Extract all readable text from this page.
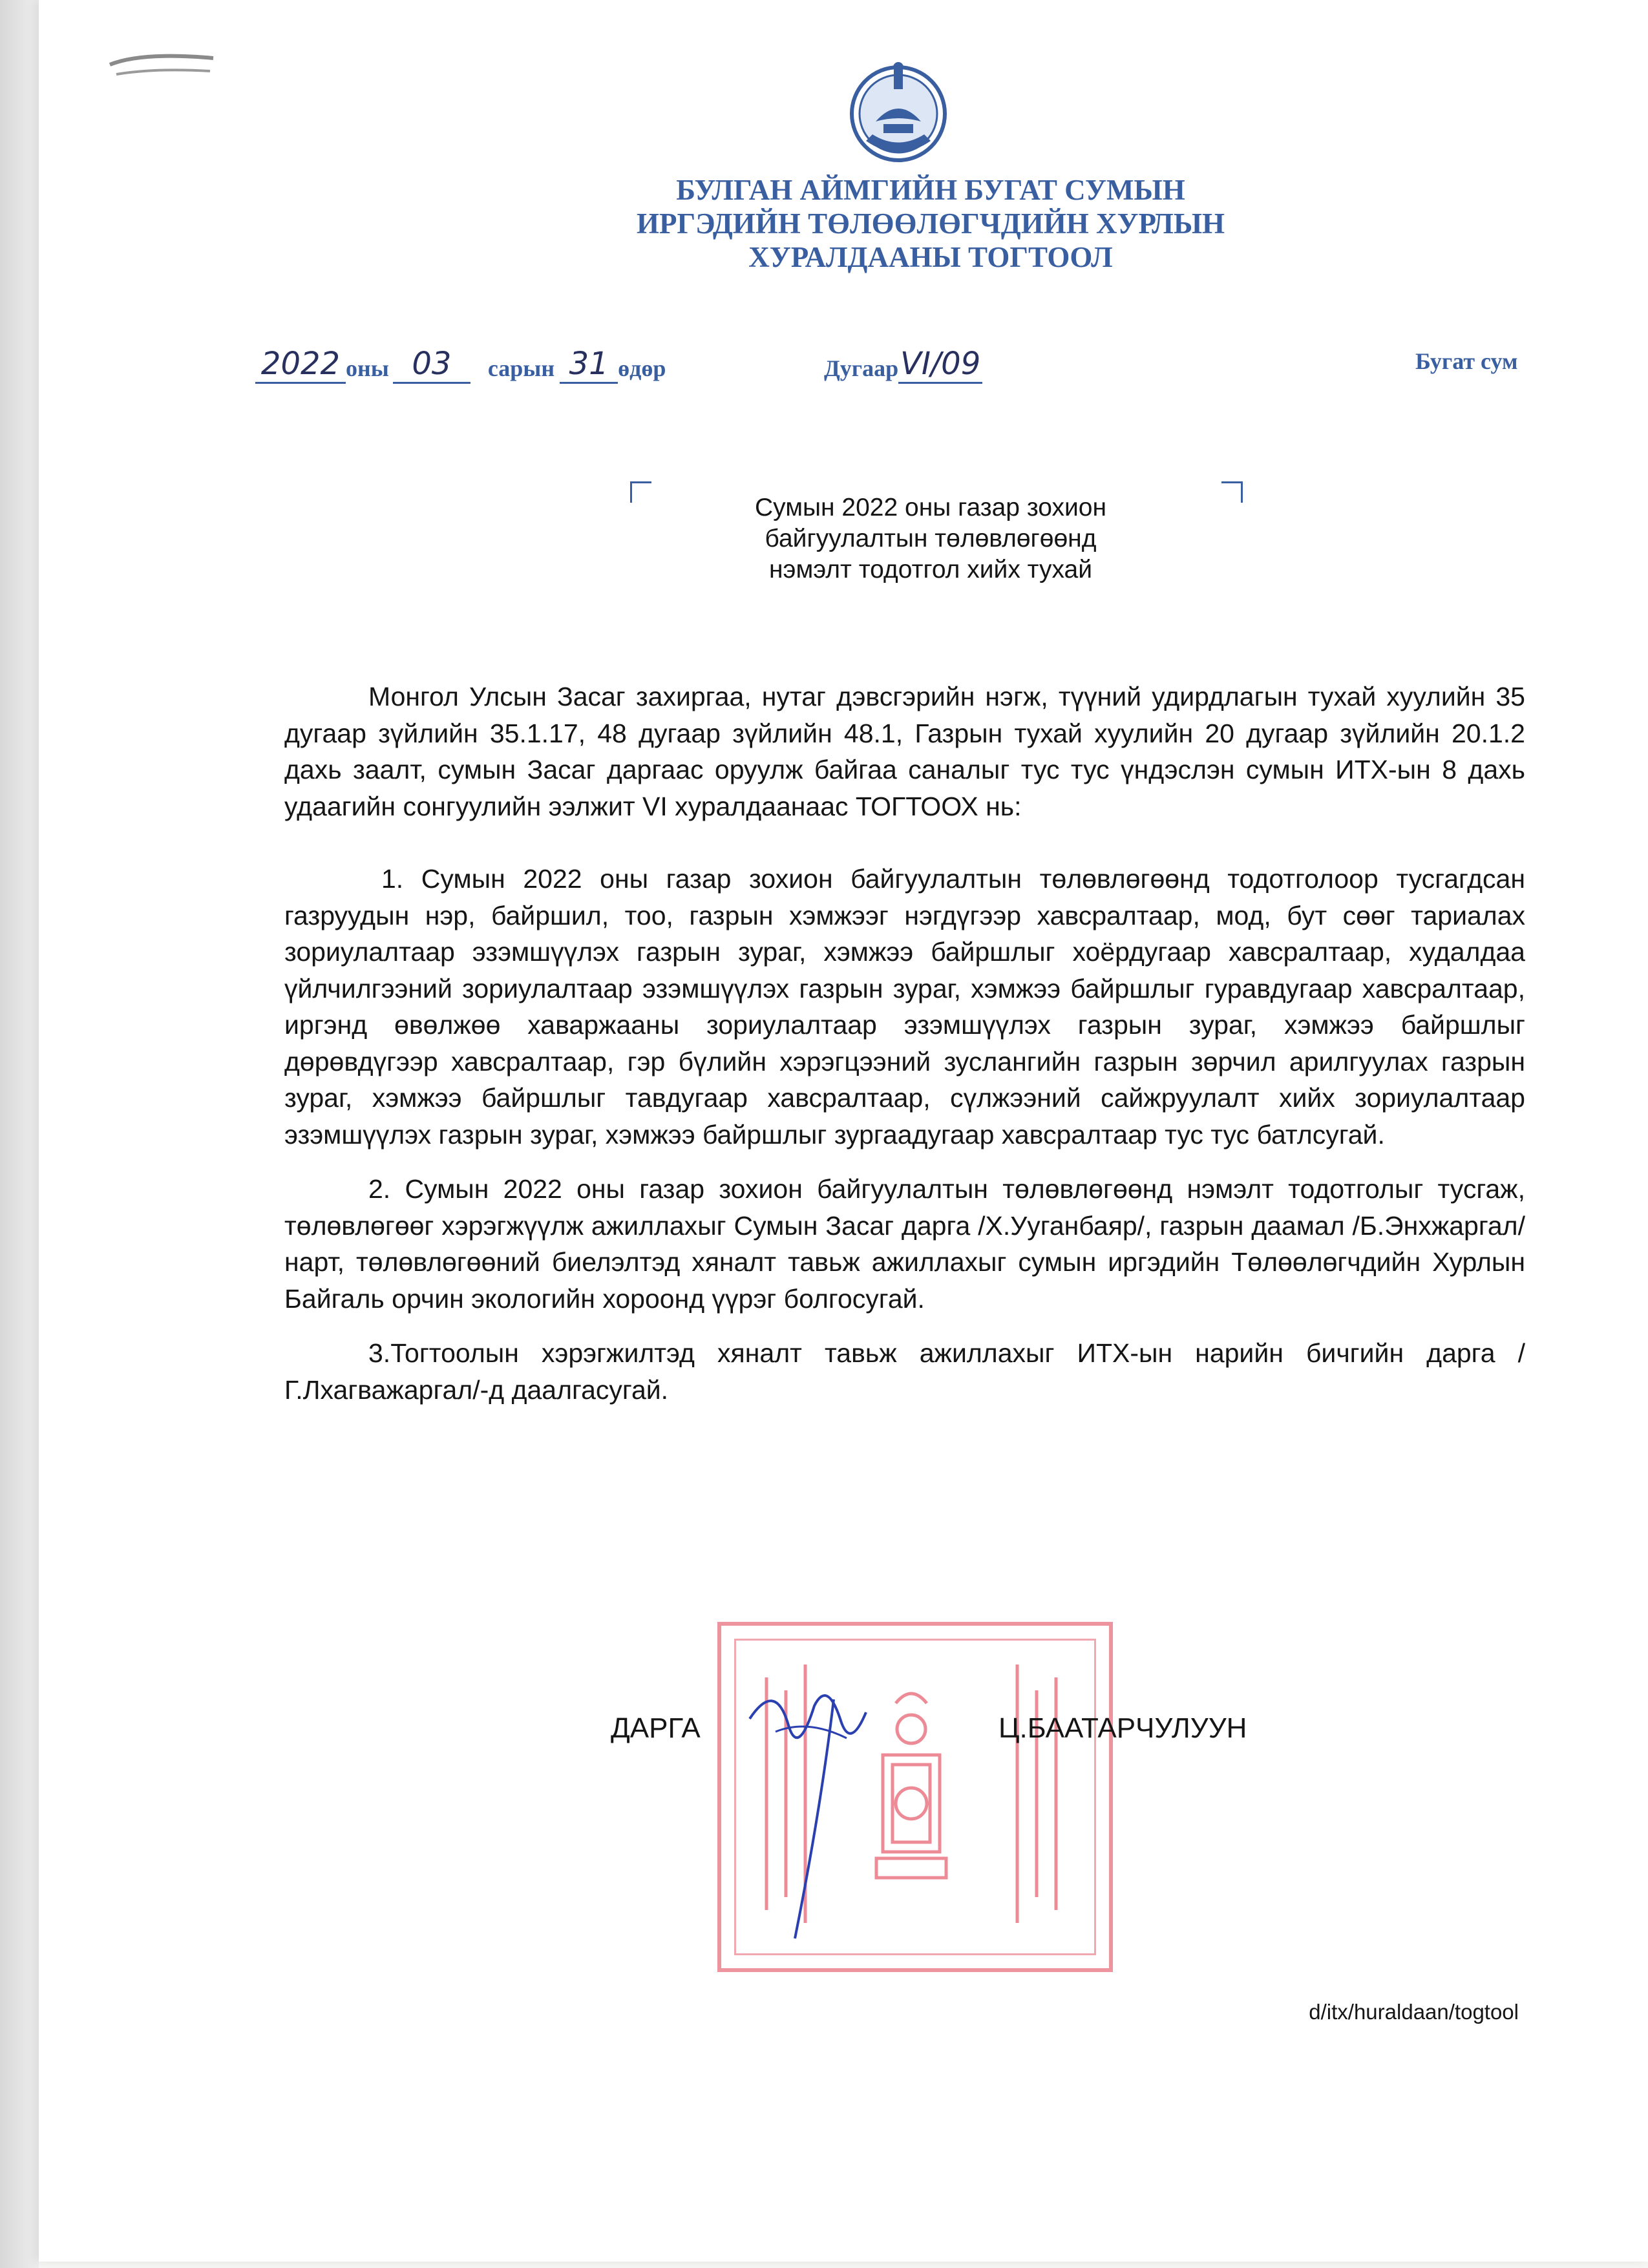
БУЛГАН АЙМГИЙН БУГАТ СУМЫН
ИРГЭДИЙН ТӨЛӨӨЛӨГЧДИЙН ХУРЛЫН
ХУРАЛДААНЫ ТОГТООЛ
2022 оны 03 сарын 31 өдөр	ДугаарVI/09	Бугат сум
Сумын 2022 оны газар зохион
байгуулалтын төлөвлөгөөнд
нэмэлт тодотгол хийх тухай

Монгол Улсын Засаг захиргаа, нутаг дэвсгэрийн нэгж, түүний удирдлагын тухай хуулийн 35 дугаар зүйлийн 35.1.17, 48 дугаар зүйлийн 48.1, Газрын тухай хуулийн 20 дугаар зүйлийн 20.1.2 дахь заалт, сумын Засаг даргаас оруулж байгаа саналыг тус тус үндэслэн сумын ИТХ-ын 8 дахь удаагийн сонгуулийн ээлжит VI хуралдаанаас ТОГТООХ нь:

1. Сумын 2022 оны газар зохион байгуулалтын төлөвлөгөөнд тодотголоор тусгагдсан газруудын нэр, байршил, тоо, газрын хэмжээг нэгдүгээр хавсралтаар, мод, бут сөөг тариалах зориулалтаар эзэмшүүлэх газрын зураг, хэмжээ байршлыг хоёрдугаар хавсралтаар, худалдаа үйлчилгээний зориулалтаар эзэмшүүлэх газрын зураг, хэмжээ байршлыг гуравдугаар хавсралтаар, иргэнд өвөлжөө хаваржааны зориулалтаар эзэмшүүлэх газрын зураг, хэмжээ байршлыг дөрөвдүгээр хавсралтаар, гэр бүлийн хэрэгцээний зуслангийн газрын зөрчил арилгуулах газрын зураг, хэмжээ байршлыг тавдугаар хавсралтаар, сүлжээний сайжруулалт хийх зориулалтаар эзэмшүүлэх газрын зураг, хэмжээ байршлыг зургаадугаар хавсралтаар тус тус батлсугай.

2. Сумын 2022 оны газар зохион байгуулалтын төлөвлөгөөнд нэмэлт тодотголыг тусгаж, төлөвлөгөөг хэрэгжүүлж ажиллахыг Сумын Засаг дарга /Х.Ууганбаяр/, газрын даамал /Б.Энхжаргал/ нарт, төлөвлөгөөний биелэлтэд хяналт тавьж ажиллахыг сумын иргэдийн Төлөөлөгчдийн Хурлын Байгаль орчин экологийн хороонд үүрэг болгосугай.

3.Тогтоолын хэрэгжилтэд хяналт тавьж ажиллахыг ИТХ-ын нарийн бичгийн дарга /Г.Лхагважаргал/-д даалгасугай.

ДАРГА	Ц.БААТАРЧУЛУУН
d/itx/huraldaan/togtool
